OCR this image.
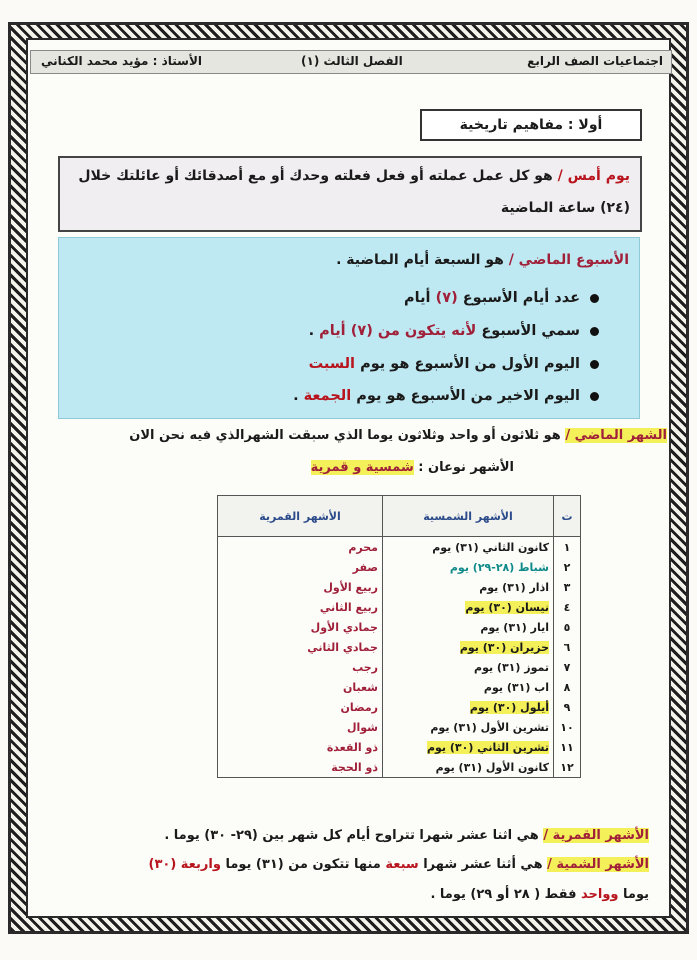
اجتماعيات الصف الرابع
الفصل الثالث (١)
الأستاذ : مؤيد محمد الكناني
أولا : مفاهيم تاريخية
يوم أمس / هو كل عمل عملته أو فعل فعلته وحدك أو مع أصدقائك أو عائلتك خلال
(٢٤) ساعة الماضية
الأسبوع الماضي / هو السبعة أيام الماضية .
عدد أيام الأسبوع (٧) أيام
سمي الأسبوع لأنه يتكون من (٧) أيام .
اليوم الأول من الأسبوع هو يوم السبت
اليوم الاخير من الأسبوع هو يوم الجمعة .
الشهر الماضي / هو ثلاثون أو واحد وثلاثون يوما الذي سبقت الشهرالذي فيه نحن الان
الأشهر نوعان : شمسية و قمرية
ت	الأشهر الشمسية	الأشهر القمرية
١	كانون الثاني (٣١) يوم	محرم
٢	شباط (٢٨-٢٩) يوم	صفر
٣	اذار (٣١) يوم	ربيع الأول
٤	نيسان (٣٠) يوم	ربيع الثاني
٥	ايار (٣١) يوم	جمادي الأول
٦	حزيران (٣٠) يوم	جمادي الثاني
٧	تموز (٣١) يوم	رجب
٨	اب (٣١) يوم	شعبان
٩	أيلول (٣٠) يوم	رمضان
١٠	تشرين الأول (٣١) يوم	شوال
١١	تشرين الثاني (٣٠) يوم	ذو القعدة
١٢	كانون الأول (٣١) يوم	ذو الحجة
الأشهر القمرية / هي اثنا عشر شهرا تتراوح أيام كل شهر بين (٢٩- ٣٠) يوما .
الأشهر الشمية / هي أثنا عشر شهرا سبعة منها تتكون من (٣١) يوما واربعة (٣٠)
يوما وواحد فقط ( ٢٨ أو ٢٩) يوما .
